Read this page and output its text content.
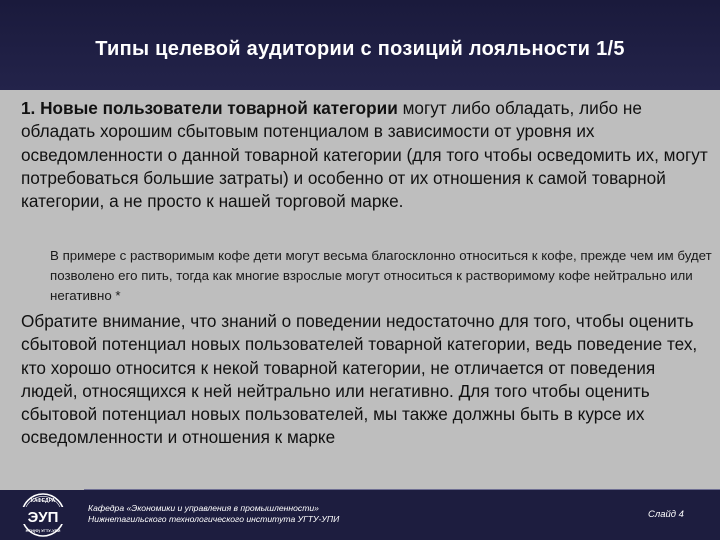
Типы целевой аудитории с позиций лояльности 1/5
1. Новые пользователи товарной категории могут либо обладать, либо не обладать хорошим сбытовым потенциалом в зависимости от уровня их осведомленности о данной товарной категории (для того чтобы осведомить их, могут потребоваться большие затраты) и особенно от их отношения к самой товарной категории, а не просто к нашей торговой марке.
В примере с растворимым кофе дети могут весьма благосклонно относиться к кофе, прежде чем им будет позволено его пить, тогда как многие взрослые могут относиться к растворимому кофе нейтрально или негативно *
Обратите внимание, что знаний о поведении недостаточно для того, чтобы оценить сбытовой потенциал новых пользователей товарной категории, ведь поведение тех, кто хорошо относится к некой товарной категории, не отличается от поведения людей, относящихся к ней нейтрально или негативно. Для того чтобы оценить сбытовой потенциал новых пользователей, мы также должны быть в курсе их осведомленности и отношения к марке
КАФЕДРА
ЭУП
НТИ(Ф) УГТУ-УПИ
Кафедра «Экономики и управления в промышленности»
Нижнетагильского технологического института УГТУ-УПИ	Слайд 4
